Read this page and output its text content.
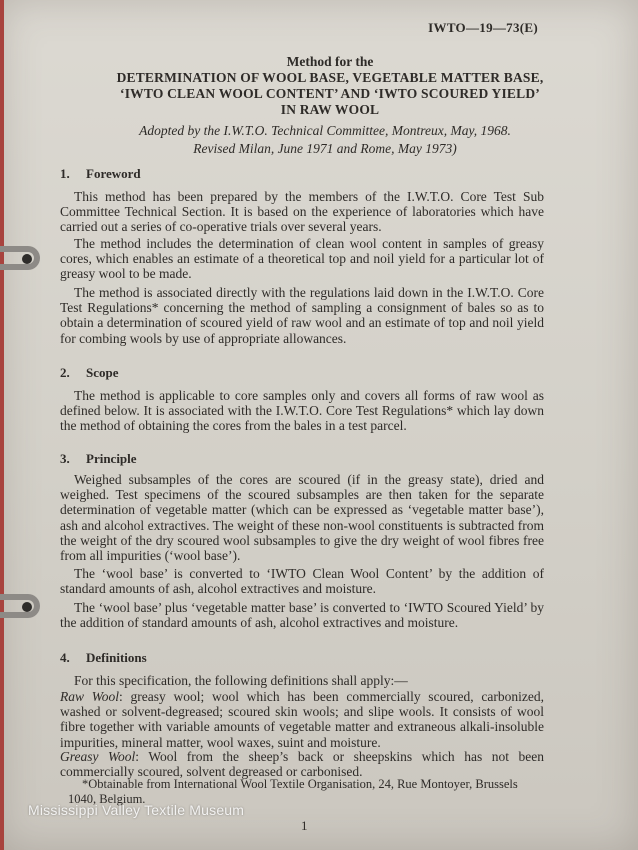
IWTO—19—73(E)
Method for the
DETERMINATION OF WOOL BASE, VEGETABLE MATTER BASE,
‘IWTO CLEAN WOOL CONTENT’ AND ‘IWTO SCOURED YIELD’
IN RAW WOOL
Adopted by the I.W.T.O. Technical Committee, Montreux, May, 1968.
Revised Milan, June 1971 and Rome, May 1973)
1. Foreword

This method has been prepared by the members of the I.W.T.O. Core Test Sub Committee Technical Section. It is based on the experience of laboratories which have carried out a series of co-operative trials over several years.

The method includes the determination of clean wool content in samples of greasy cores, which enables an estimate of a theoretical top and noil yield for a particular lot of greasy wool to be made.

The method is associated directly with the regulations laid down in the I.W.T.O. Core Test Regulations* concerning the method of sampling a consignment of bales so as to obtain a determination of scoured yield of raw wool and an estimate of top and noil yield for combing wools by use of appropriate allowances.

2. Scope

The method is applicable to core samples only and covers all forms of raw wool as defined below. It is associated with the I.W.T.O. Core Test Regulations* which lay down the method of obtaining the cores from the bales in a test parcel.

3. Principle

Weighed subsamples of the cores are scoured (if in the greasy state), dried and weighed. Test specimens of the scoured subsamples are then taken for the separate determination of vegetable matter (which can be expressed as ‘vegetable matter base’), ash and alcohol extractives. The weight of these non-wool constituents is subtracted from the weight of the dry scoured wool subsamples to give the dry weight of wool fibres free from all impurities (‘wool base’).

The ‘wool base’ is converted to ‘IWTO Clean Wool Content’ by the addition of standard amounts of ash, alcohol extractives and moisture.

The ‘wool base’ plus ‘vegetable matter base’ is converted to ‘IWTO Scoured Yield’ by the addition of standard amounts of ash, alcohol extractives and moisture.

4. Definitions

For this specification, the following definitions shall apply:—

Raw Wool: greasy wool; wool which has been commercially scoured, carbonized, washed or solvent-degreased; scoured skin wools; and slipe wools. It consists of wool fibre together with variable amounts of vegetable matter and extraneous alkali-insoluble impurities, mineral matter, wool waxes, suint and moisture.

Greasy Wool: Wool from the sheep’s back or sheepskins which has not been commercially scoured, solvent degreased or carbonised.

*Obtainable from International Wool Textile Organisation, 24, Rue Montoyer, Brussels 1040, Belgium.

1
Mississippi Valley Textile Museum
